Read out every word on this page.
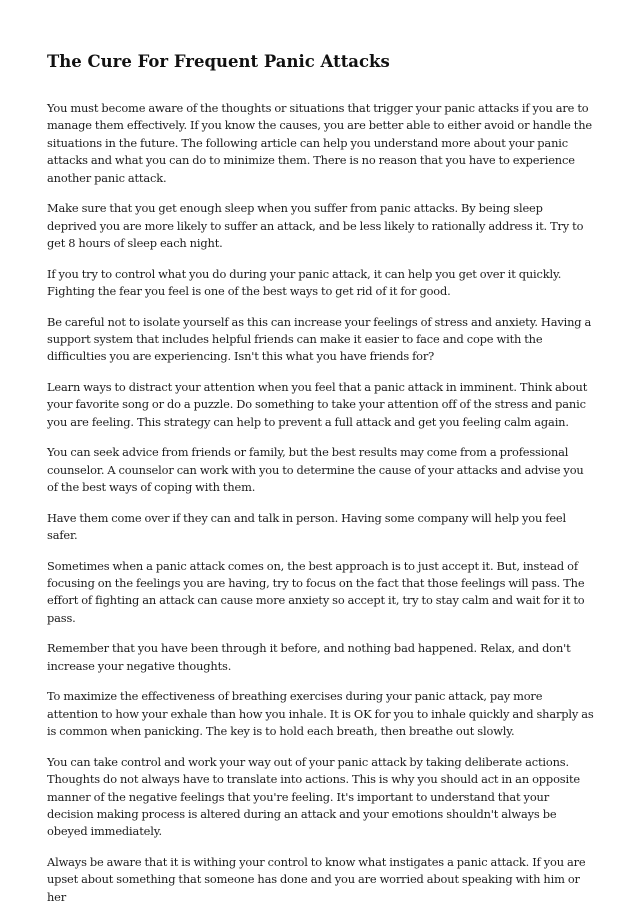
The Cure For Frequent Panic Attacks

You must become aware of the thoughts or situations that trigger your panic attacks if you are to manage them effectively. If you know the causes, you are better able to either avoid or handle the situations in the future. The following article can help you understand more about your panic attacks and what you can do to minimize them. There is no reason that you have to experience another panic attack.

Make sure that you get enough sleep when you suffer from panic attacks. By being sleep deprived you are more likely to suffer an attack, and be less likely to rationally address it. Try to get 8 hours of sleep each night.

If you try to control what you do during your panic attack, it can help you get over it quickly. Fighting the fear you feel is one of the best ways to get rid of it for good.

Be careful not to isolate yourself as this can increase your feelings of stress and anxiety. Having a support system that includes helpful friends can make it easier to face and cope with the difficulties you are experiencing. Isn't this what you have friends for?

Learn ways to distract your attention when you feel that a panic attack in imminent. Think about your favorite song or do a puzzle. Do something to take your attention off of the stress and panic you are feeling. This strategy can help to prevent a full attack and get you feeling calm again.

You can seek advice from friends or family, but the best results may come from a professional counselor. A counselor can work with you to determine the cause of your attacks and advise you of the best ways of coping with them.

Have them come over if they can and talk in person. Having some company will help you feel safer.

Sometimes when a panic attack comes on, the best approach is to just accept it. But, instead of focusing on the feelings you are having, try to focus on the fact that those feelings will pass. The effort of fighting an attack can cause more anxiety so accept it, try to stay calm and wait for it to pass.

Remember that you have been through it before, and nothing bad happened. Relax, and don't increase your negative thoughts.

To maximize the effectiveness of breathing exercises during your panic attack, pay more attention to how your exhale than how you inhale. It is OK for you to inhale quickly and sharply as is common when panicking. The key is to hold each breath, then breathe out slowly.

You can take control and work your way out of your panic attack by taking deliberate actions. Thoughts do not always have to translate into actions. This is why you should act in an opposite manner of the negative feelings that you're feeling. It's important to understand that your decision making process is altered during an attack and your emotions shouldn't always be obeyed immediately.

Always be aware that it is withing your control to know what instigates a panic attack. If you are upset about something that someone has done and you are worried about speaking with him or her
